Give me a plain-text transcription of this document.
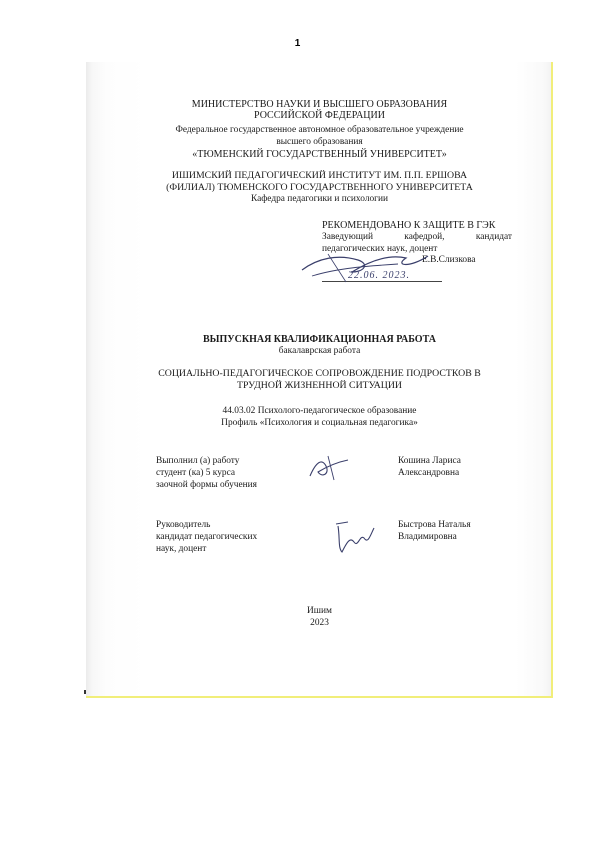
1
МИНИСТЕРСТВО НАУКИ И ВЫСШЕГО ОБРАЗОВАНИЯ
РОССИЙСКОЙ ФЕДЕРАЦИИ
Федеральное государственное автономное образовательное учреждение
высшего образования
«ТЮМЕНСКИЙ ГОСУДАРСТВЕННЫЙ УНИВЕРСИТЕТ»
ИШИМСКИЙ ПЕДАГОГИЧЕСКИЙ ИНСТИТУТ ИМ. П.П. ЕРШОВА
(ФИЛИАЛ) ТЮМЕНСКОГО ГОСУДАРСТВЕННОГО УНИВЕРСИТЕТА
Кафедра педагогики и психологии
РЕКОМЕНДОВАНО К ЗАЩИТЕ В ГЭК
Заведующий кафедрой, кандидат
педагогических наук, доцент
Е.В.Слизкова
22.06. 2023.
ВЫПУСКНАЯ КВАЛИФИКАЦИОННАЯ РАБОТА
бакалаврская работа
СОЦИАЛЬНО-ПЕДАГОГИЧЕСКОЕ СОПРОВОЖДЕНИЕ ПОДРОСТКОВ В
ТРУДНОЙ ЖИЗНЕННОЙ СИТУАЦИИ
44.03.02 Психолого-педагогическое образование
Профиль «Психология и социальная педагогика»
Выполнил (а) работу
студент (ка) 5 курса
заочной формы обучения
Кошина Лариса
Александровна
Руководитель
кандидат педагогических
наук, доцент
Быстрова Наталья
Владимировна
Ишим
2023
